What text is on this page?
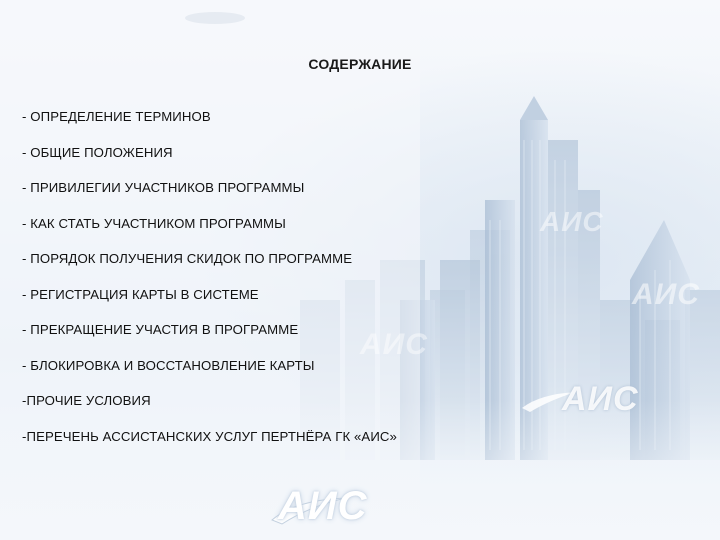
АИС
АИС
АИС
АИС
АИС
СОДЕРЖАНИЕ
- ОПРЕДЕЛЕНИЕ ТЕРМИНОВ
- ОБЩИЕ ПОЛОЖЕНИЯ
- ПРИВИЛЕГИИ УЧАСТНИКОВ ПРОГРАММЫ
- КАК СТАТЬ УЧАСТНИКОМ ПРОГРАММЫ
- ПОРЯДОК ПОЛУЧЕНИЯ СКИДОК ПО ПРОГРАММЕ
- РЕГИСТРАЦИЯ КАРТЫ В СИСТЕМЕ
- ПРЕКРАЩЕНИЕ УЧАСТИЯ В ПРОГРАММЕ
- БЛОКИРОВКА И ВОССТАНОВЛЕНИЕ КАРТЫ
-ПРОЧИЕ УСЛОВИЯ
-ПЕРЕЧЕНЬ АССИСТАНСКИХ УСЛУГ ПЕРТНЁРА ГК «АИС»
